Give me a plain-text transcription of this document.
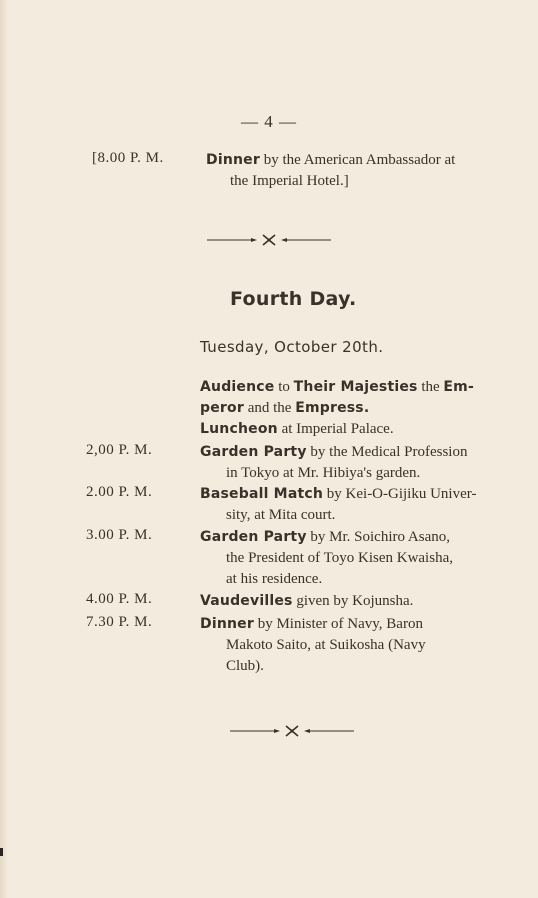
— 4 —
[8.00 P. M.	Dinner by the American Ambassador at
the Imperial Hotel.]
Fourth Day.
Tuesday, October 20th.
Audience to Their Majesties the Em-
peror and the Empress.
Luncheon at Imperial Palace.
2,00 P. M.	Garden Party by the Medical Profession
in Tokyo at Mr. Hibiya's garden.
2.00 P. M.	Baseball Match by Kei-O-Gijiku Univer-
sity, at Mita court.
3.00 P. M.	Garden Party by Mr. Soichiro Asano,
the President of Toyo Kisen Kwaisha,
at his residence.
4.00 P. M.	Vaudevilles given by Kojunsha.
7.30 P. M.	Dinner by Minister of Navy, Baron
Makoto Saito, at Suikosha (Navy
Club).
